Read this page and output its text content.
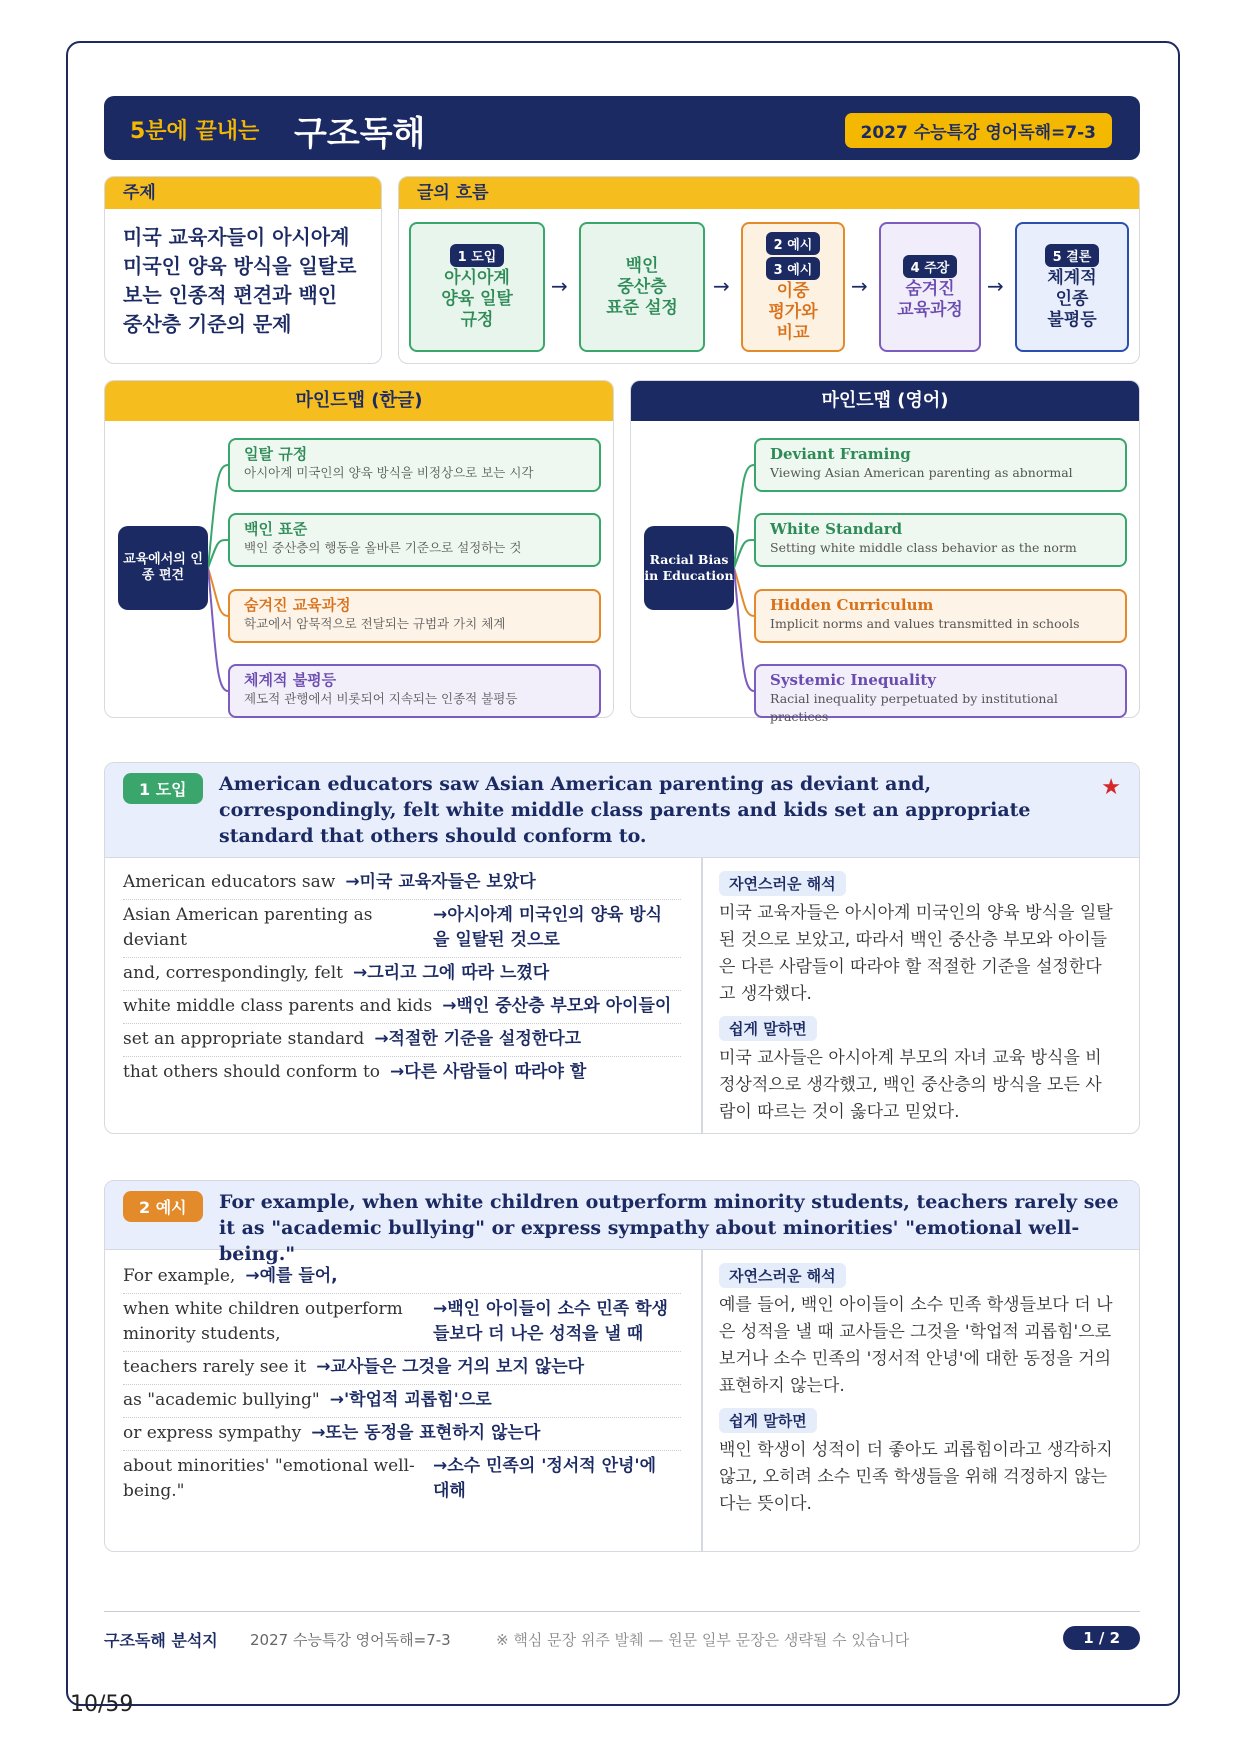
5분에 끝내는 구조독해	2027 수능특강 영어독해=7-3
주제
미국 교육자들이 아시아계
미국인 양육 방식을 일탈로
보는 인종적 편견과 백인
중산층 기준의 문제
글의 흐름
1 도입
아시아계
양육 일탈
규정
→
백인
중산층
표준 설정
→
2 예시
3 예시
이중
평가와
비교
→
4 주장
숨겨진
교육과정
→
5 결론
체계적
인종
불평등
마인드맵 (한글)
교육에서의 인종 편견
일탈 규정
아시아계 미국인의 양육 방식을 비정상으로 보는 시각
백인 표준
백인 중산층의 행동을 올바른 기준으로 설정하는 것
숨겨진 교육과정
학교에서 암묵적으로 전달되는 규범과 가치 체계
체계적 불평등
제도적 관행에서 비롯되어 지속되는 인종적 불평등
마인드맵 (영어)
Racial Bias in Education
Deviant Framing
Viewing Asian American parenting as abnormal
White Standard
Setting white middle class behavior as the norm
Hidden Curriculum
Implicit norms and values transmitted in schools
Systemic Inequality
Racial inequality perpetuated by institutional practices
1 도입	American educators saw Asian American parenting as deviant and, correspondingly, felt white middle class parents and kids set an appropriate standard that others should conform to.
★
American educators saw →미국 교육자들은 보았다
Asian American parenting as deviant
→아시아계 미국인의 양육 방식을 일탈된 것으로
and, correspondingly, felt →그리고 그에 따라 느꼈다
white middle class parents and kids →백인 중산층 부모와 아이들이
set an appropriate standard →적절한 기준을 설정한다고
that others should conform to →다른 사람들이 따라야 할
자연스러운 해석
미국 교육자들은 아시아계 미국인의 양육 방식을 일탈된 것으로 보았고, 따라서 백인 중산층 부모와 아이들은 다른 사람들이 따라야 할 적절한 기준을 설정한다고 생각했다.
쉽게 말하면
미국 교사들은 아시아계 부모의 자녀 교육 방식을 비정상적으로 생각했고, 백인 중산층의 방식을 모든 사람이 따르는 것이 옳다고 믿었다.
2 예시	For example, when white children outperform minority students, teachers rarely see it as "academic bullying" or express sympathy about minorities' "emotional well-being."
For example, →예를 들어,
when white children outperform minority students,
→백인 아이들이 소수 민족 학생들보다 더 나은 성적을 낼 때
teachers rarely see it →교사들은 그것을 거의 보지 않는다
as "academic bullying" →'학업적 괴롭힘'으로
or express sympathy →또는 동정을 표현하지 않는다
about minorities' "emotional well-being."
→소수 민족의 '정서적 안녕'에 대해
자연스러운 해석
예를 들어, 백인 아이들이 소수 민족 학생들보다 더 나은 성적을 낼 때 교사들은 그것을 '학업적 괴롭힘'으로 보거나 소수 민족의 '정서적 안녕'에 대한 동정을 거의 표현하지 않는다.
쉽게 말하면
백인 학생이 성적이 더 좋아도 괴롭힘이라고 생각하지 않고, 오히려 소수 민족 학생들을 위해 걱정하지 않는다는 뜻이다.
구조독해 분석지 2027 수능특강 영어독해=7-3	※ 핵심 문장 위주 발췌 — 원문 일부 문장은 생략될 수 있습니다	1 / 2
10/59
